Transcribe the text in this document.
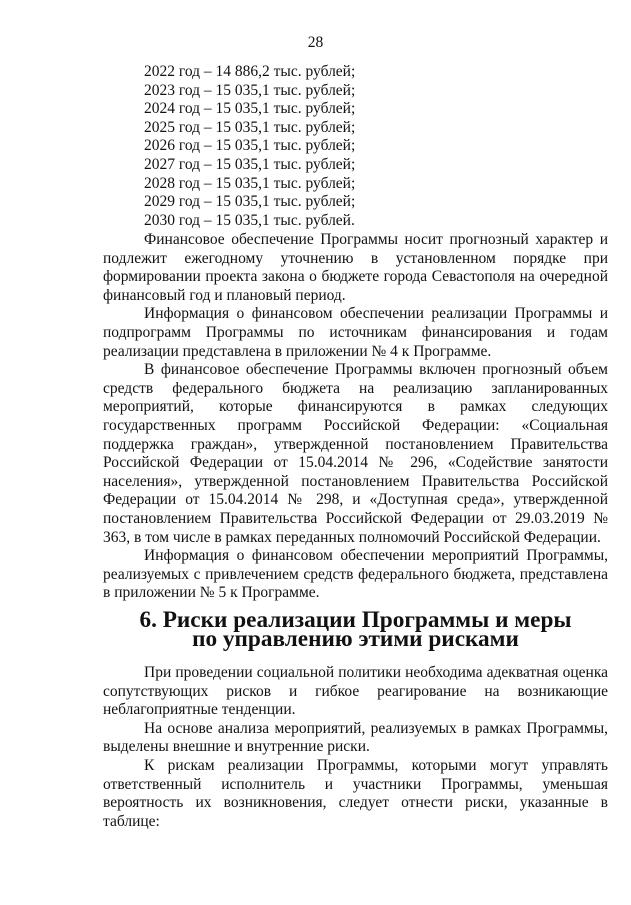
28
2022 год – 14 886,2 тыс. рублей;
2023 год – 15 035,1 тыс. рублей;
2024 год – 15 035,1 тыс. рублей;
2025 год – 15 035,1 тыс. рублей;
2026 год – 15 035,1 тыс. рублей;
2027 год – 15 035,1 тыс. рублей;
2028 год – 15 035,1 тыс. рублей;
2029 год – 15 035,1 тыс. рублей;
2030 год – 15 035,1 тыс. рублей.

Финансовое обеспечение Программы носит прогнозный характер и подлежит ежегодному уточнению в установленном порядке при формировании проекта закона о бюджете города Севастополя на очередной финансовый год и плановый период.

Информация о финансовом обеспечении реализации Программы и подпрограмм Программы по источникам финансирования и годам реализации представлена в приложении № 4 к Программе.

В финансовое обеспечение Программы включен прогнозный объем средств федерального бюджета на реализацию запланированных мероприятий, которые финансируются в рамках следующих государственных программ Российской Федерации: «Социальная поддержка граждан», утвержденной постановлением Правительства Российской Федерации от 15.04.2014 № 296, «Содействие занятости населения», утвержденной постановлением Правительства Российской Федерации от 15.04.2014 № 298, и «Доступная среда», утвержденной постановлением Правительства Российской Федерации от 29.03.2019 № 363, в том числе в рамках переданных полномочий Российской Федерации.

Информация о финансовом обеспечении мероприятий Программы, реализуемых с привлечением средств федерального бюджета, представлена в приложении № 5 к Программе.

6. Риски реализации Программы и меры
по управлению этими рисками

При проведении социальной политики необходима адекватная оценка сопутствующих рисков и гибкое реагирование на возникающие неблагоприятные тенденции.

На основе анализа мероприятий, реализуемых в рамках Программы, выделены внешние и внутренние риски.

К рискам реализации Программы, которыми могут управлять ответственный исполнитель и участники Программы, уменьшая вероятность их возникновения, следует отнести риски, указанные в таблице:
